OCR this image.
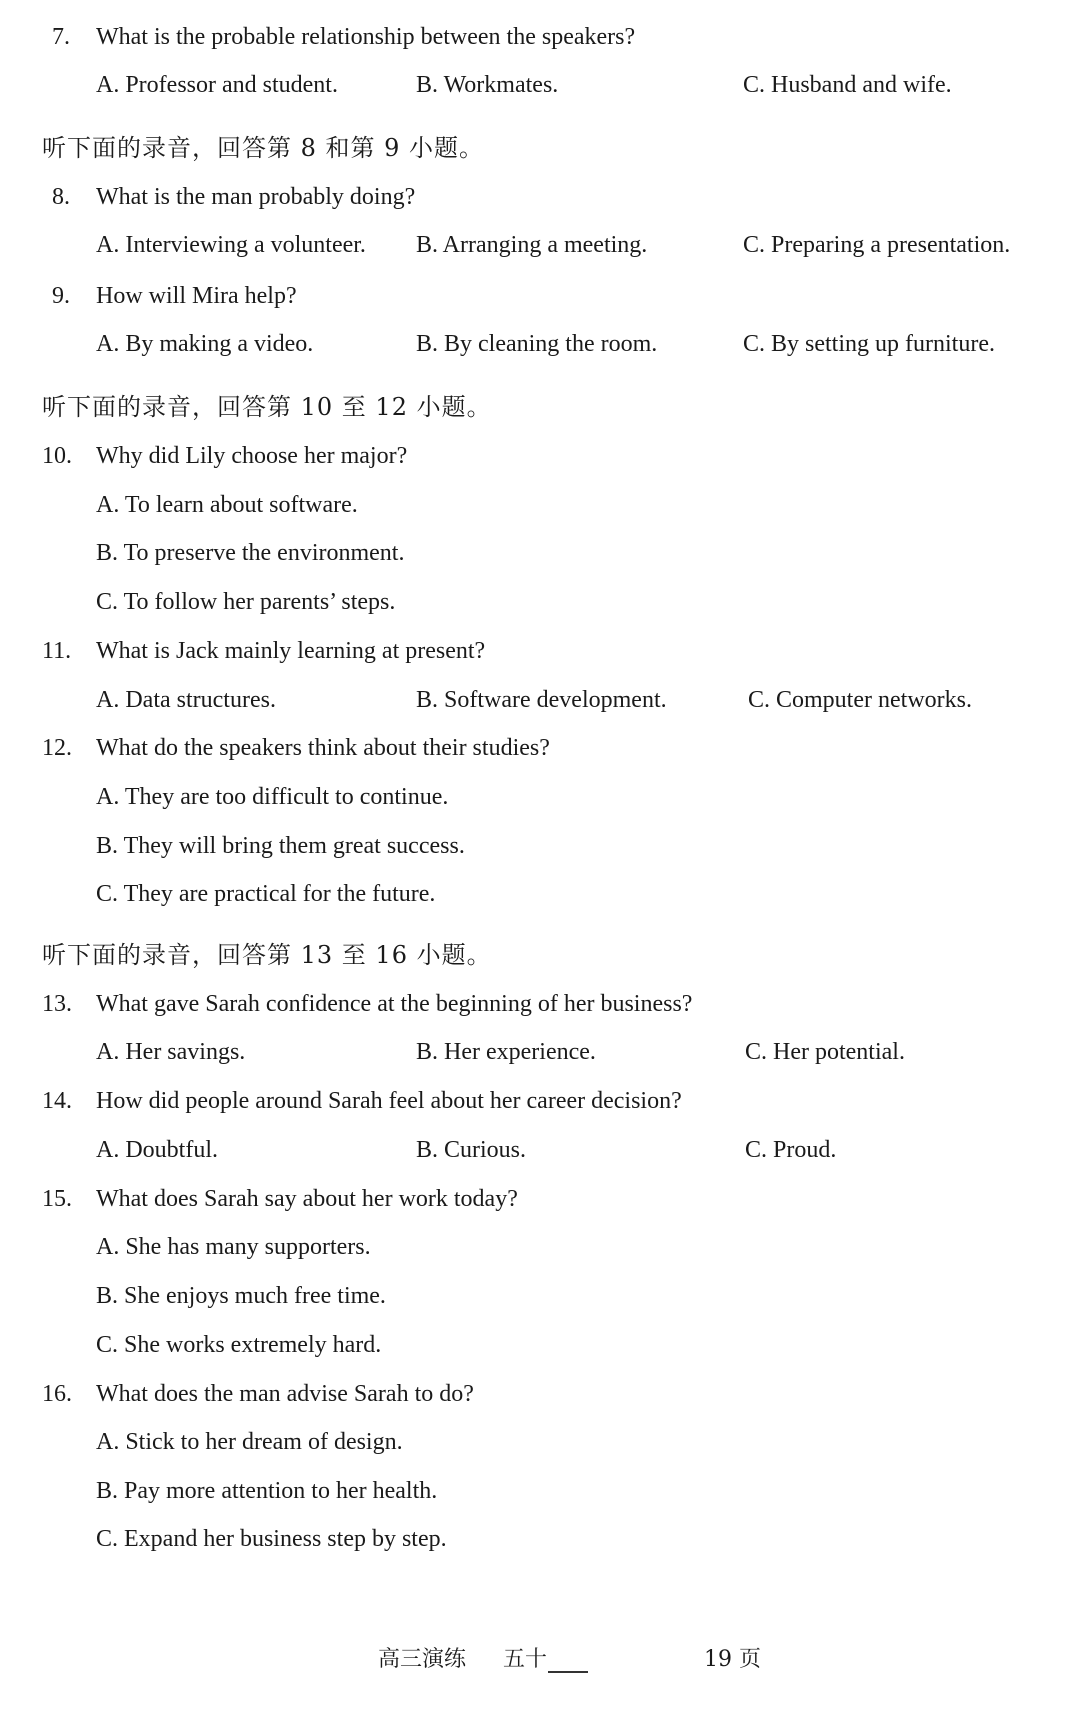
7. What is the probable relationship between the speakers?
A. Professor and student.	B. Workmates.	C. Husband and wife.
听下面的录音，回答第 8 和第 9 小题。
8. What is the man probably doing?
A. Interviewing a volunteer. B. Arranging a meeting.	C. Preparing a presentation.
9. How will Mira help?
A. By making a video.	B. By cleaning the room.	C. By setting up furniture.
听下面的录音，回答第 10 至 12 小题。
10. Why did Lily choose her major?
A. To learn about software.
B. To preserve the environment.
C. To follow her parents’ steps.
11. What is Jack mainly learning at present?
A. Data structures.	B. Software development.	C. Computer networks.
12. What do the speakers think about their studies?
A. They are too difficult to continue.
B. They will bring them great success.
C. They are practical for the future.
听下面的录音，回答第 13 至 16 小题。
13. What gave Sarah confidence at the beginning of her business?
A. Her savings.	B. Her experience.	C. Her potential.
14. How did people around Sarah feel about her career decision?
A. Doubtful.	B. Curious.	C. Proud.
15. What does Sarah say about her work today?
A. She has many supporters.
B. She enjoys much free time.
C. She works extremely hard.
16. What does the man advise Sarah to do?
A. Stick to her dream of design.
B. Pay more attention to her health.
C. Expand her business step by step.
高三演练 五十	19 页
